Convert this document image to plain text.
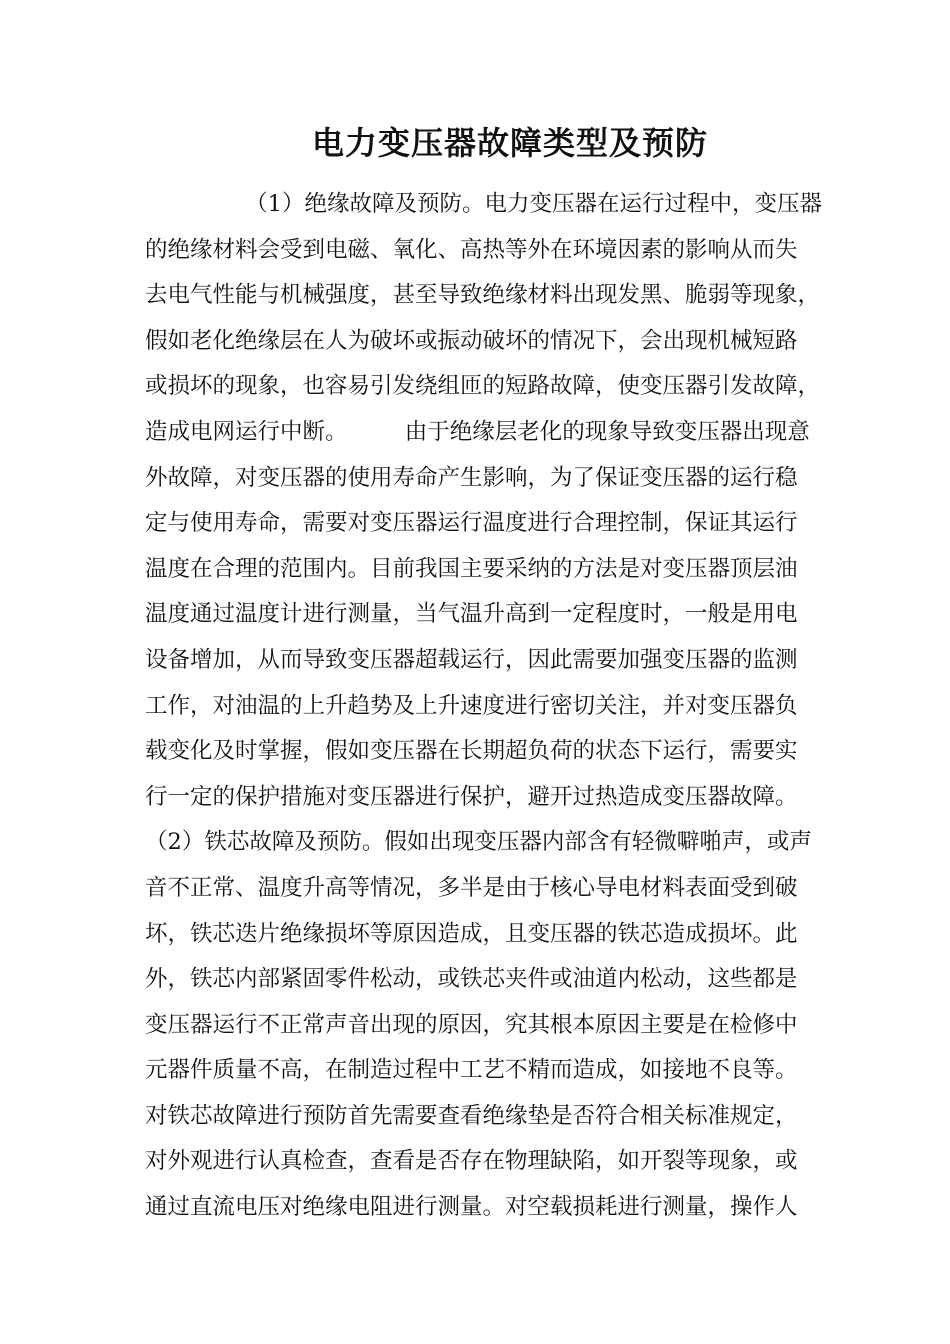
电力变压器故障类型及预防
（1）绝缘故障及预防。电力变压器在运行过程中，变压器
的绝缘材料会受到电磁、氧化、高热等外在环境因素的影响从而失
去电气性能与机械强度，甚至导致绝缘材料出现发黑、脆弱等现象，
假如老化绝缘层在人为破坏或振动破坏的情况下，会出现机械短路
或损坏的现象，也容易引发绕组匝的短路故障，使变压器引发故障，
造成电网运行中断。        由于绝缘层老化的现象导致变压器出现意
外故障，对变压器的使用寿命产生影响，为了保证变压器的运行稳
定与使用寿命，需要对变压器运行温度进行合理控制，保证其运行
温度在合理的范围内。目前我国主要采纳的方法是对变压器顶层油
温度通过温度计进行测量，当气温升高到一定程度时，一般是用电
设备增加，从而导致变压器超载运行，因此需要加强变压器的监测
工作，对油温的上升趋势及上升速度进行密切关注，并对变压器负
载变化及时掌握，假如变压器在长期超负荷的状态下运行，需要实
行一定的保护措施对变压器进行保护，避开过热造成变压器故障。
（2）铁芯故障及预防。假如出现变压器内部含有轻微噼啪声，或声
音不正常、温度升高等情况，多半是由于核心导电材料表面受到破
坏，铁芯迭片绝缘损坏等原因造成，且变压器的铁芯造成损坏。此
外，铁芯内部紧固零件松动，或铁芯夹件或油道内松动，这些都是
变压器运行不正常声音出现的原因，究其根本原因主要是在检修中
元器件质量不高，在制造过程中工艺不精而造成，如接地不良等。
对铁芯故障进行预防首先需要查看绝缘垫是否符合相关标准规定，
对外观进行认真检查，查看是否存在物理缺陷，如开裂等现象，或
通过直流电压对绝缘电阻进行测量。对空载损耗进行测量，操作人
